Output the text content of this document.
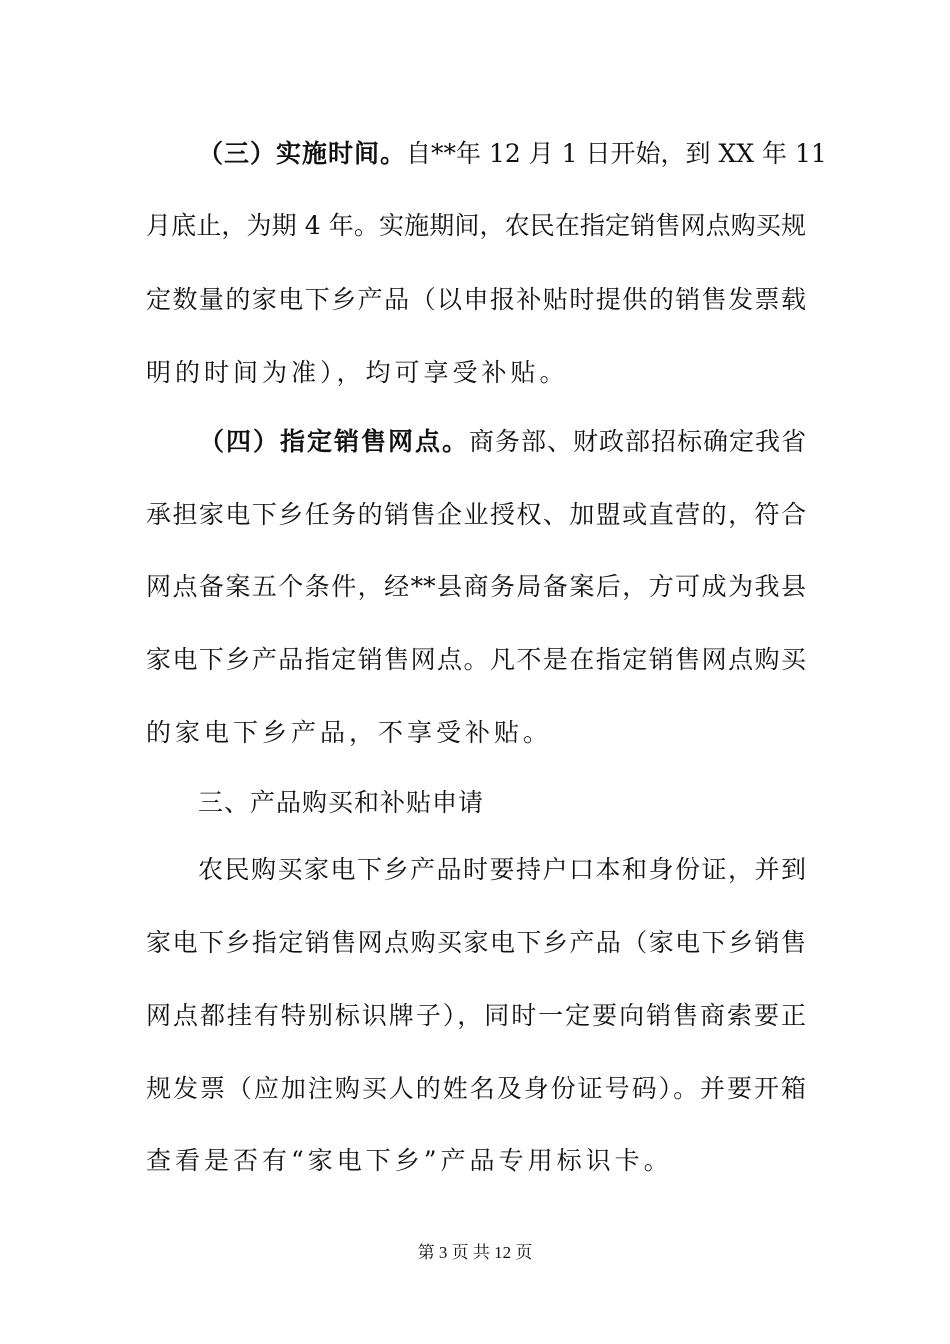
（三）实施时间。自**年 12 月 1 日开始，到 XX 年 11
月底止，为期 4 年。实施期间，农民在指定销售网点购买规
定数量的家电下乡产品（以申报补贴时提供的销售发票载
明的时间为准），均可享受补贴。
（四）指定销售网点。商务部、财政部招标确定我省
承担家电下乡任务的销售企业授权、加盟或直营的，符合
网点备案五个条件，经**县商务局备案后，方可成为我县
家电下乡产品指定销售网点。凡不是在指定销售网点购买
的家电下乡产品，不享受补贴。
三、产品购买和补贴申请
农民购买家电下乡产品时要持户口本和身份证，并到
家电下乡指定销售网点购买家电下乡产品（家电下乡销售
网点都挂有特别标识牌子），同时一定要向销售商索要正
规发票（应加注购买人的姓名及身份证号码）。并要开箱
查看是否有“家电下乡”产品专用标识卡。
第 3 页 共 12 页
